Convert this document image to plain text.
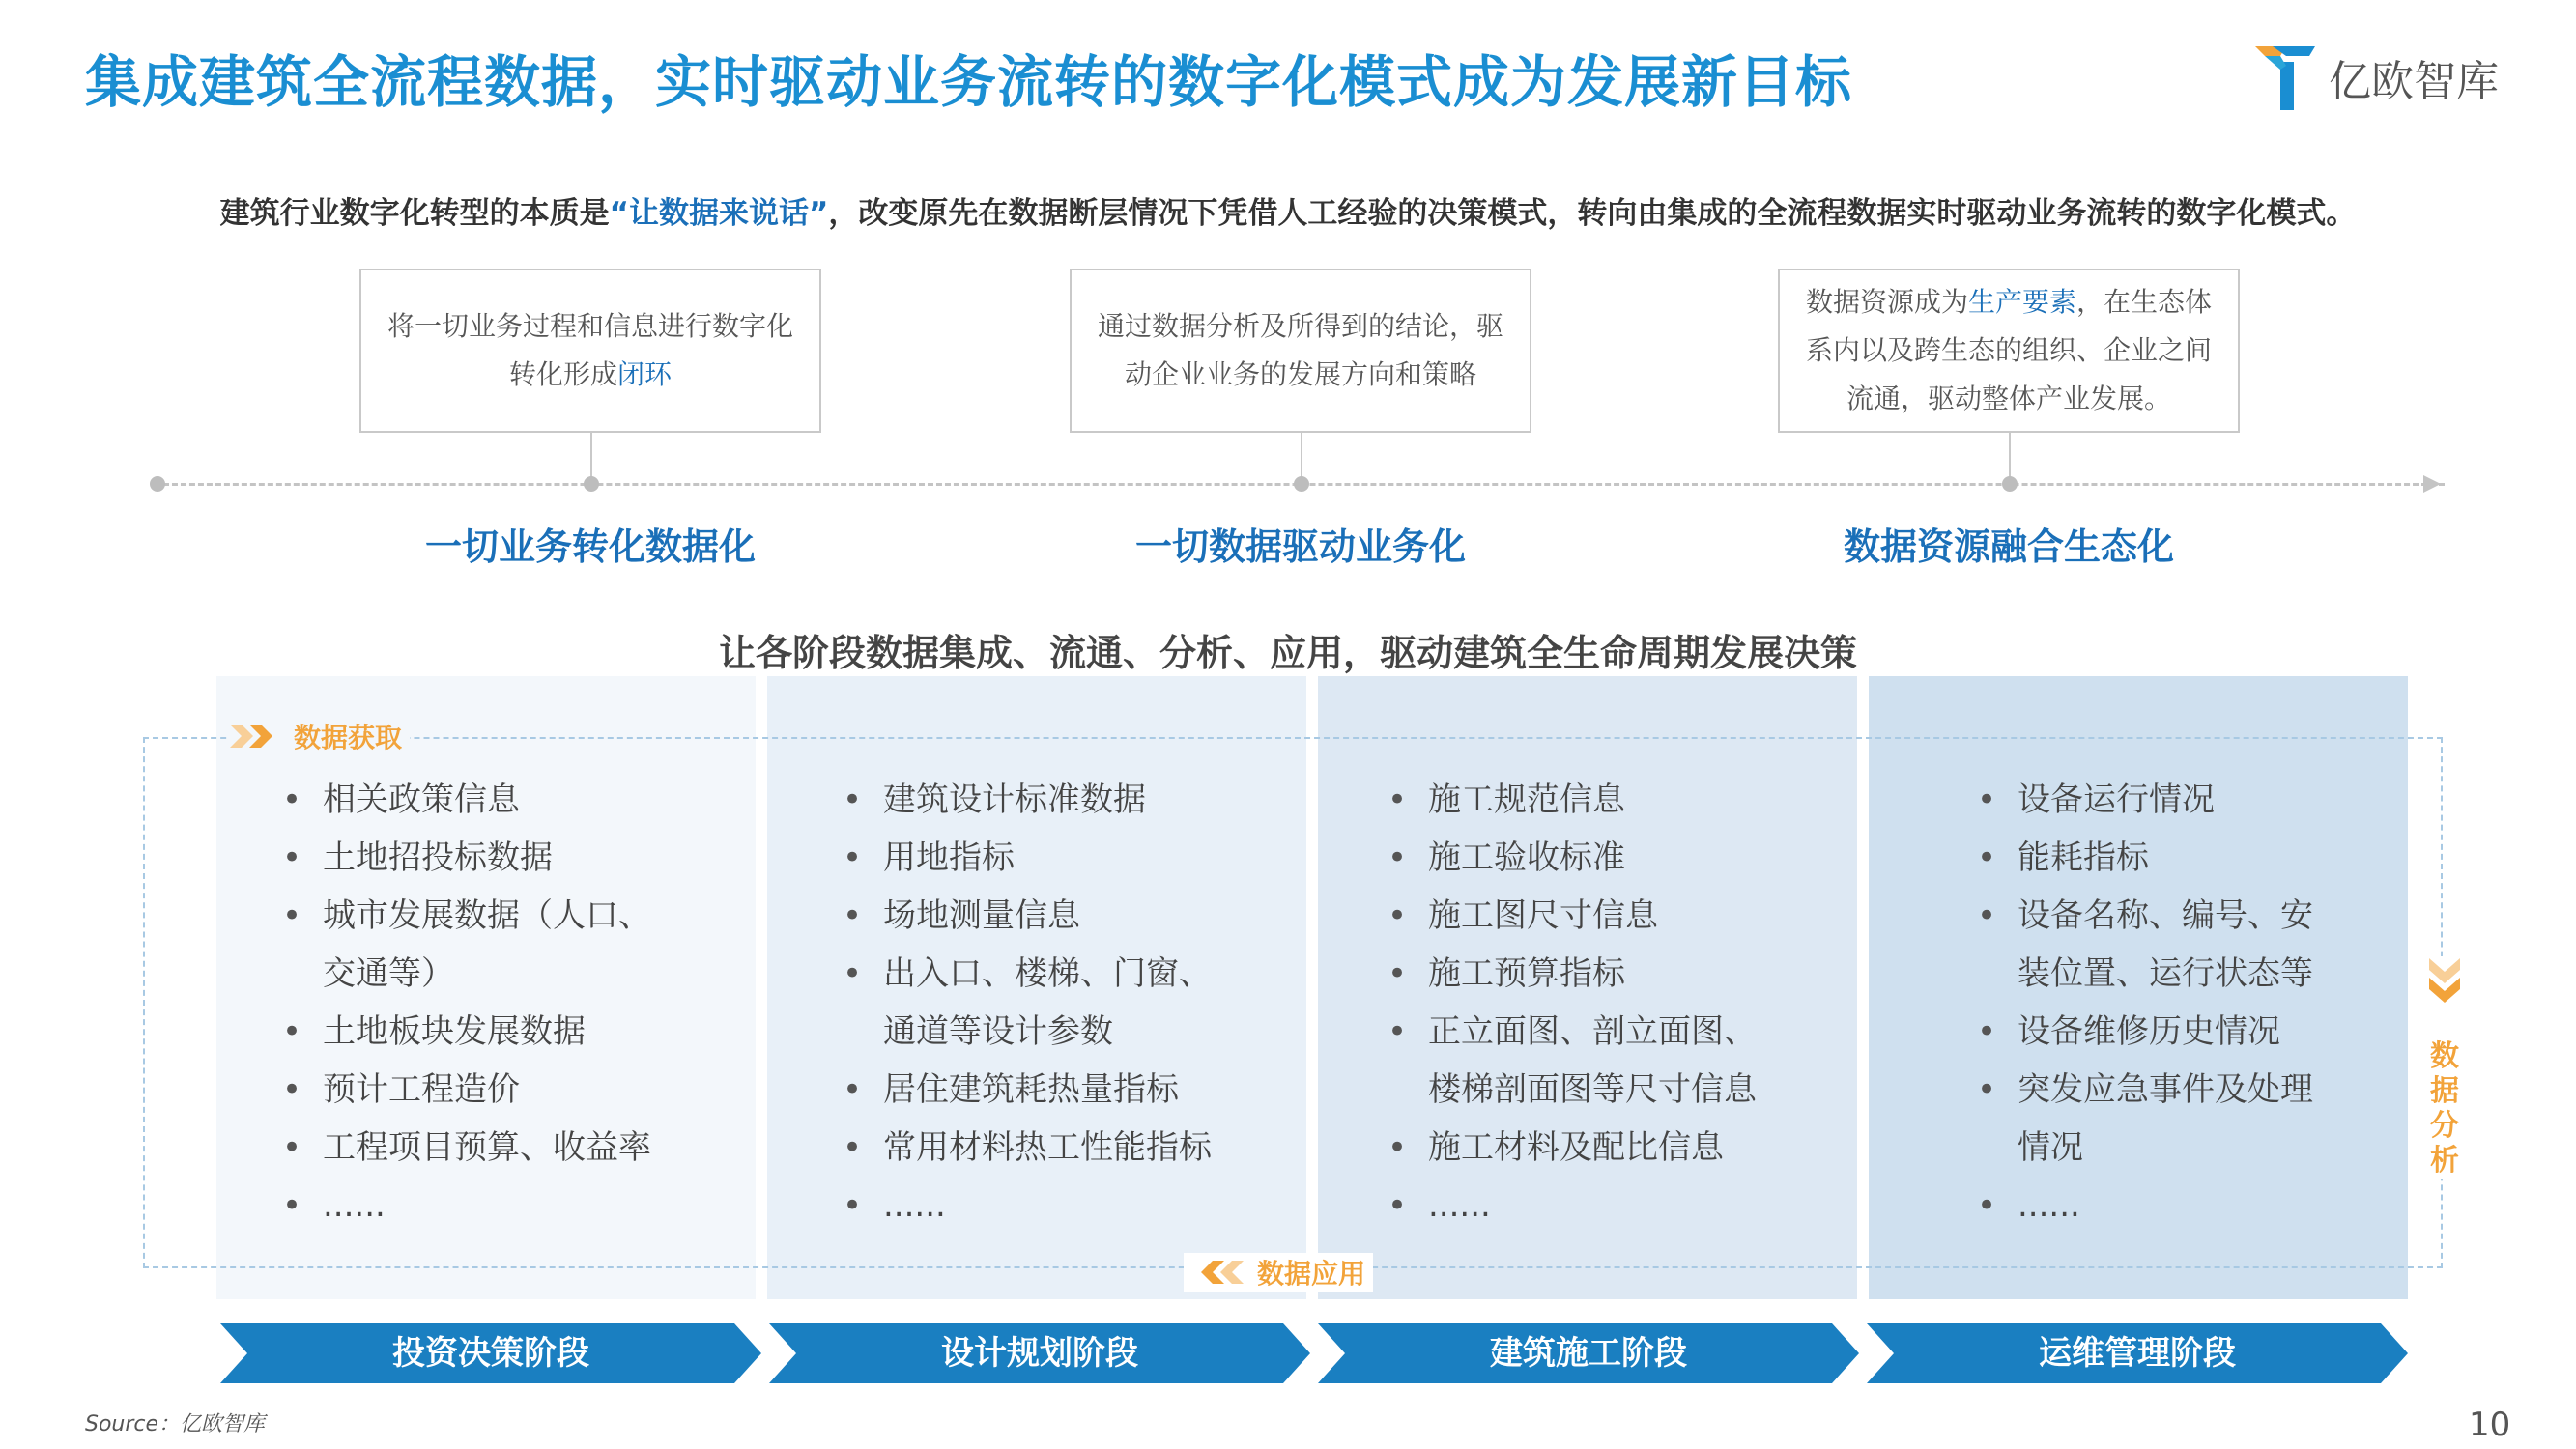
集成建筑全流程数据，实时驱动业务流转的数字化模式成为发展新目标	亿欧智库
建筑行业数字化转型的本质是“让数据来说话”，改变原先在数据断层情况下凭借人工经验的决策模式，转向由集成的全流程数据实时驱动业务流转的数字化模式。
将一切业务过程和信息进行数字化
转化形成闭环
通过数据分析及所得到的结论，驱
动企业业务的发展方向和策略
数据资源成为生产要素，在生态体
系内以及跨生态的组织、企业之间
流通，驱动整体产业发展。
一切业务转化数据化	一切数据驱动业务化	数据资源融合生态化
让各阶段数据集成、流通、分析、应用，驱动建筑全生命周期发展决策
数据获取
数据应用
数
据
分
析
• 相关政策信息
• 土地招投标数据
• 城市发展数据（人口、
交通等）
• 土地板块发展数据
• 预计工程造价
• 工程项目预算、收益率
• ......
• 建筑设计标准数据
• 用地指标
• 场地测量信息
• 出入口、楼梯、门窗、
通道等设计参数
• 居住建筑耗热量指标
• 常用材料热工性能指标
• ......
• 施工规范信息
• 施工验收标准
• 施工图尺寸信息
• 施工预算指标
• 正立面图、剖立面图、
楼梯剖面图等尺寸信息
• 施工材料及配比信息
• ......
• 设备运行情况
• 能耗指标
• 设备名称、编号、安
装位置、运行状态等
• 设备维修历史情况
• 突发应急事件及处理
情况
• ......
投资决策阶段	设计规划阶段	建筑施工阶段	运维管理阶段
Source：亿欧智库	10
